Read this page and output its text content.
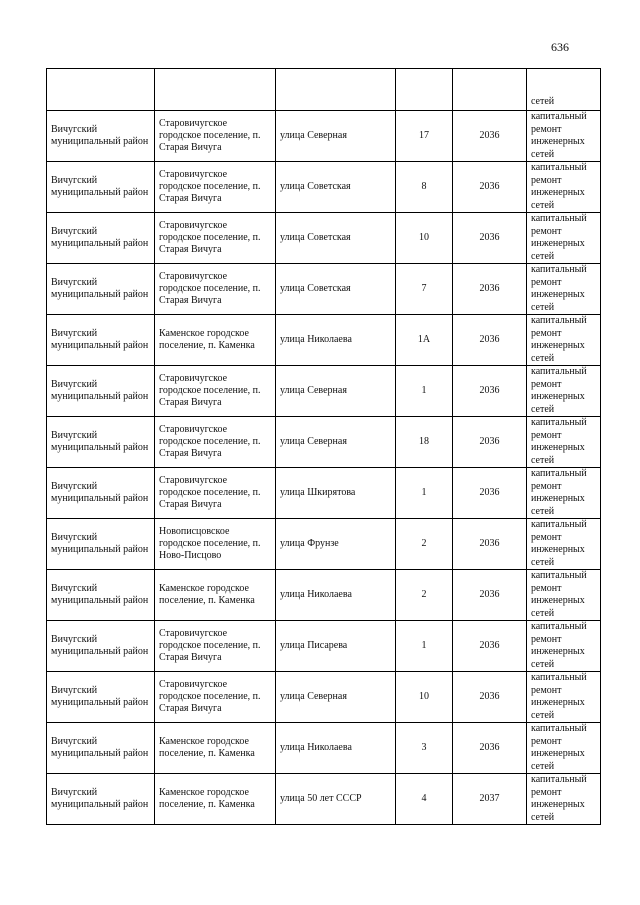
636
					сетей
Вичугский муниципальный район	Старовичугское городское поселение, п. Старая Вичуга	улица Северная	17	2036	капитальный ремонт инженерных сетей
Вичугский муниципальный район	Старовичугское городское поселение, п. Старая Вичуга	улица Советская	8	2036	капитальный ремонт инженерных сетей
Вичугский муниципальный район	Старовичугское городское поселение, п. Старая Вичуга	улица Советская	10	2036	капитальный ремонт инженерных сетей
Вичугский муниципальный район	Старовичугское городское поселение, п. Старая Вичуга	улица Советская	7	2036	капитальный ремонт инженерных сетей
Вичугский муниципальный район	Каменское городское поселение, п. Каменка	улица Николаева	1А	2036	капитальный ремонт инженерных сетей
Вичугский муниципальный район	Старовичугское городское поселение, п. Старая Вичуга	улица Северная	1	2036	капитальный ремонт инженерных сетей
Вичугский муниципальный район	Старовичугское городское поселение, п. Старая Вичуга	улица Северная	18	2036	капитальный ремонт инженерных сетей
Вичугский муниципальный район	Старовичугское городское поселение, п. Старая Вичуга	улица Шкирятова	1	2036	капитальный ремонт инженерных сетей
Вичугский муниципальный район	Новописцовское городское поселение, п. Ново-Писцово	улица Фрунзе	2	2036	капитальный ремонт инженерных сетей
Вичугский муниципальный район	Каменское городское поселение, п. Каменка	улица Николаева	2	2036	капитальный ремонт инженерных сетей
Вичугский муниципальный район	Старовичугское городское поселение, п. Старая Вичуга	улица Писарева	1	2036	капитальный ремонт инженерных сетей
Вичугский муниципальный район	Старовичугское городское поселение, п. Старая Вичуга	улица Северная	10	2036	капитальный ремонт инженерных сетей
Вичугский муниципальный район	Каменское городское поселение, п. Каменка	улица Николаева	3	2036	капитальный ремонт инженерных сетей
Вичугский муниципальный район	Каменское городское поселение, п. Каменка	улица 50 лет СССР	4	2037	капитальный ремонт инженерных сетей
